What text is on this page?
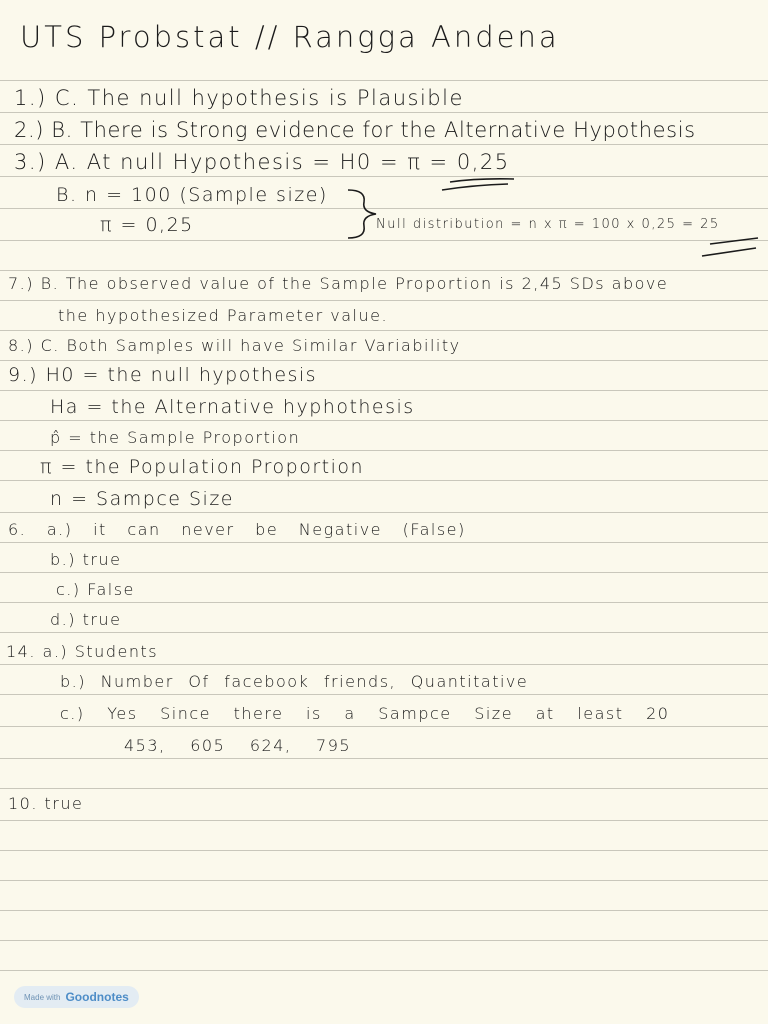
UTS Probstat // Rangga Andena
1.) C. The null hypothesis is Plausible
2.) B. There is Strong evidence for the Alternative Hypothesis
3.) A. At null Hypothesis = H0 = π = 0,25
B. n = 100 (Sample size)
π = 0,25	Null distribution = n x π = 100 x 0,25 = 25
7.) B. The observed value of the Sample Proportion is 2,45 SDs above
the hypothesized Parameter value.
8.) C. Both Samples will have Similar Variability
9.) H0 = the null hypothesis
Ha = the Alternative hyphothesis
p̂ = the Sample Proportion
π = the Population Proportion
n = Sampce Size
6. a.) it can never be Negative (False)
b.) true
c.) False
d.) true
14. a.) Students
b.) Number Of facebook friends, Quantitative
c.) Yes Since there is a Sampce Size at least 20
453, 605 624, 795
10. true
Made with Goodnotes
